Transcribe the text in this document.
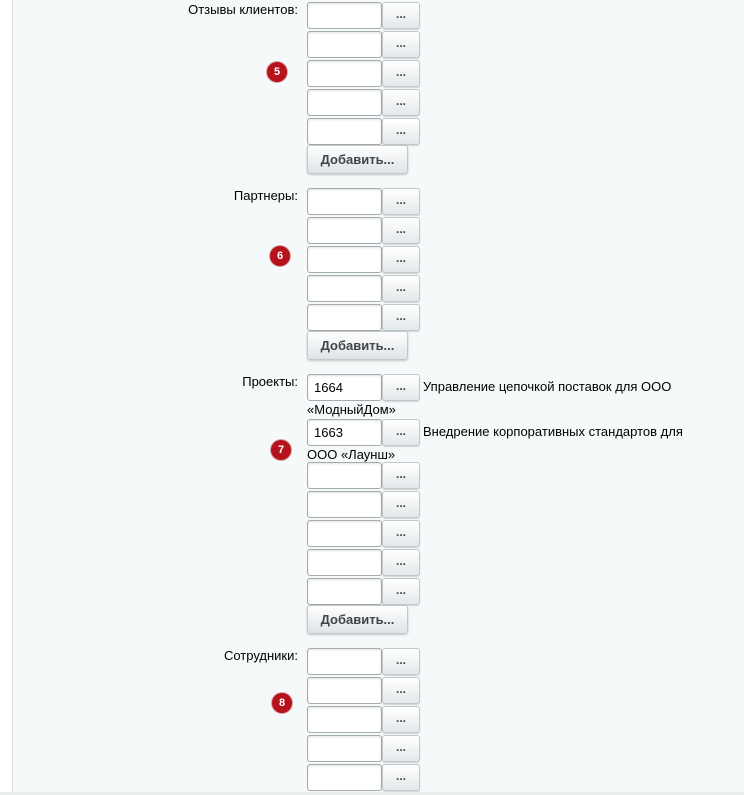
Отзывы клиентов:
5
...
...
...
...
...
Добавить...
Партнеры:
6
...
...
...
...
...
Добавить...
Проекты:
7
1664
...	Управление цепочкой поставок для ООО «МодныйДом»
1663
...	Внедрение корпоративных стандартов для ООО «Лаунш»
...
...
...
...
...
Добавить...
Сотрудники:
8
...
...
...
...
...
